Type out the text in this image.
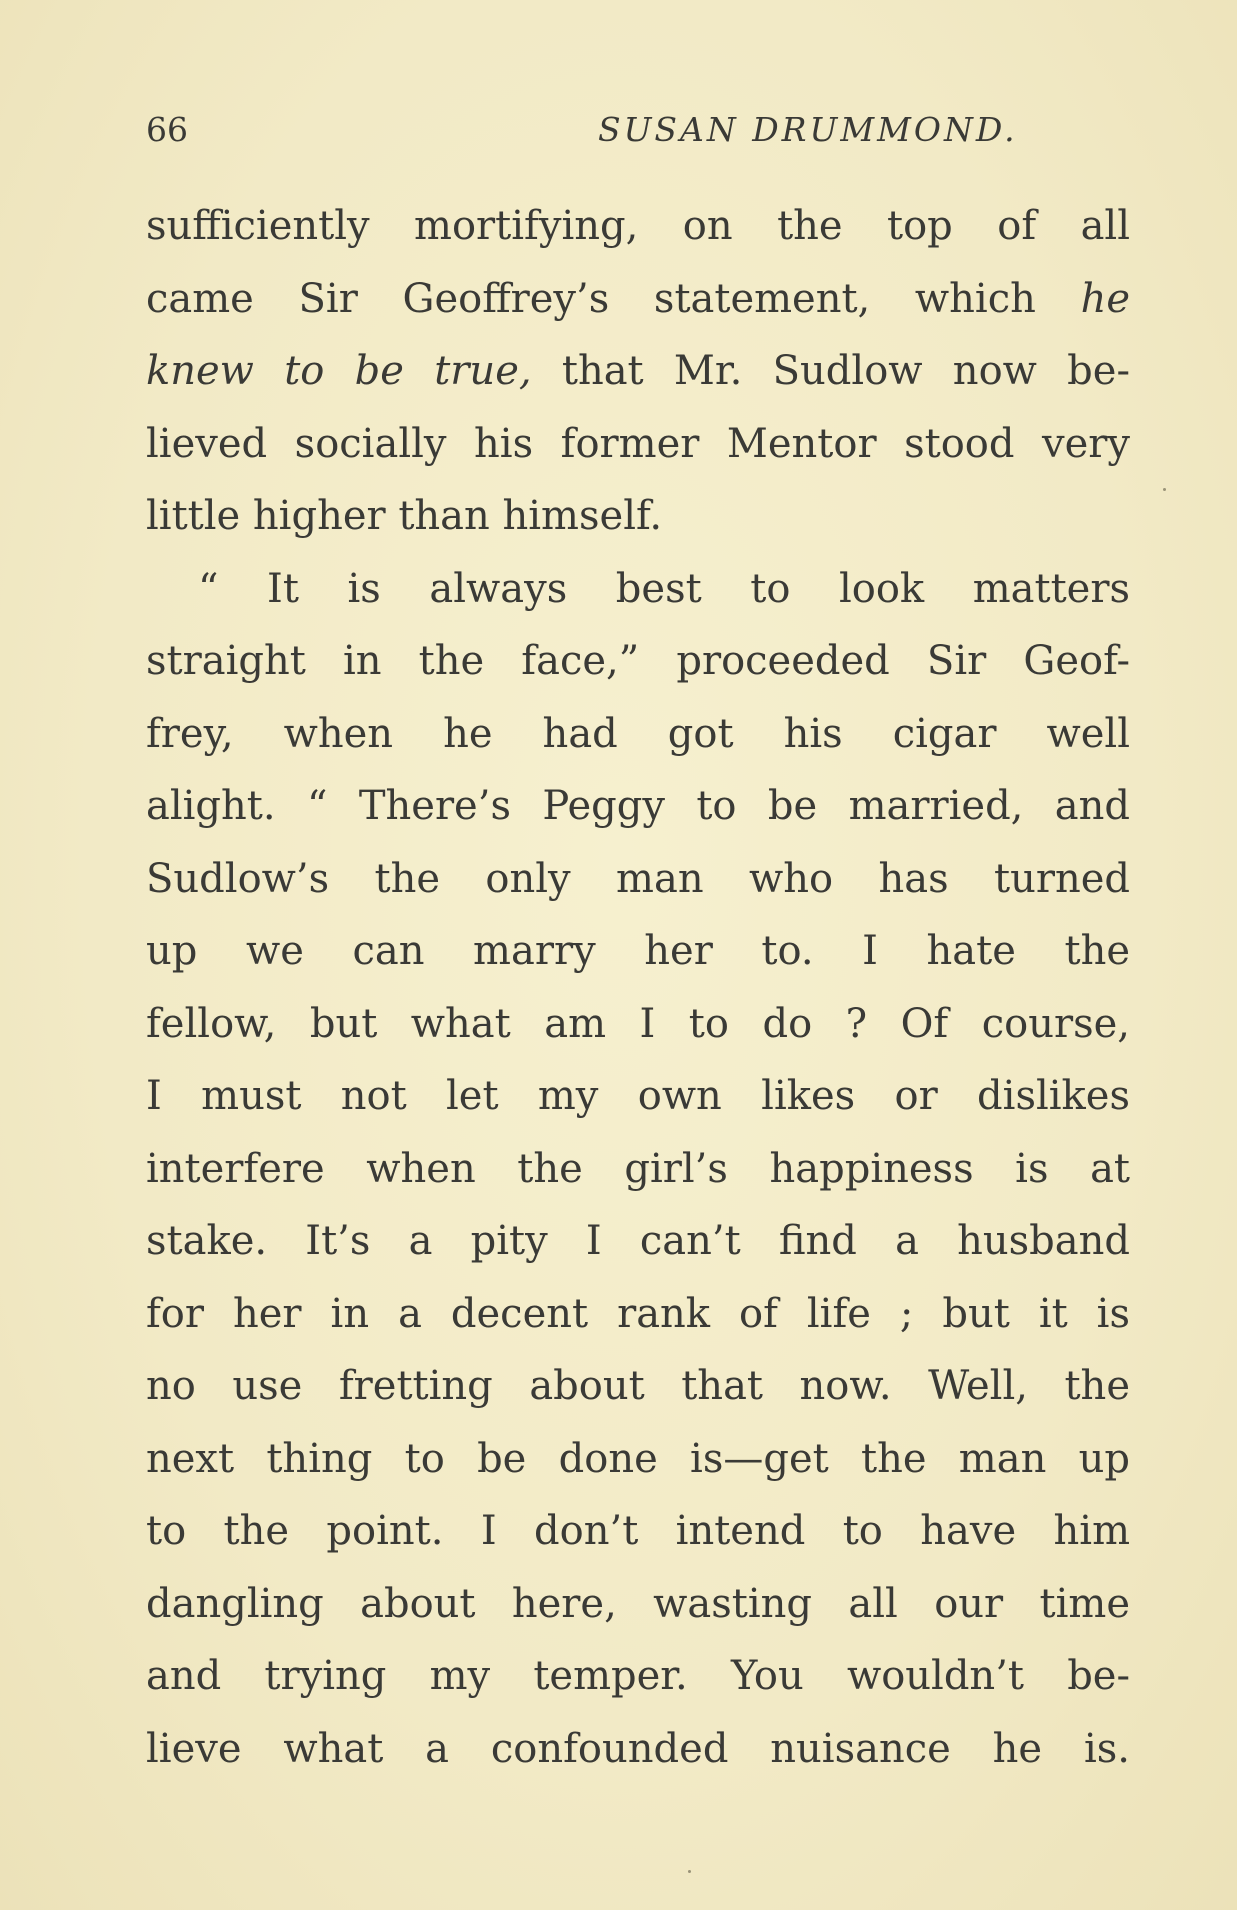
66	SUSAN DRUMMOND.
sufficiently mortifying, on the top of all
came Sir Geoffrey’s statement, which he
knew to be true, that Mr. Sudlow now be-
lieved socially his former Mentor stood very
little higher than himself.
“ It is always best to look matters
straight in the face,” proceeded Sir Geof-
frey, when he had got his cigar well
alight. “ There’s Peggy to be married, and
Sudlow’s the only man who has turned
up we can marry her to. I hate the
fellow, but what am I to do ? Of course,
I must not let my own likes or dislikes
interfere when the girl’s happiness is at
stake. It’s a pity I can’t find a husband
for her in a decent rank of life ; but it is
no use fretting about that now. Well, the
next thing to be done is—get the man up
to the point. I don’t intend to have him
dangling about here, wasting all our time
and trying my temper. You wouldn’t be-
lieve what a confounded nuisance he is.
